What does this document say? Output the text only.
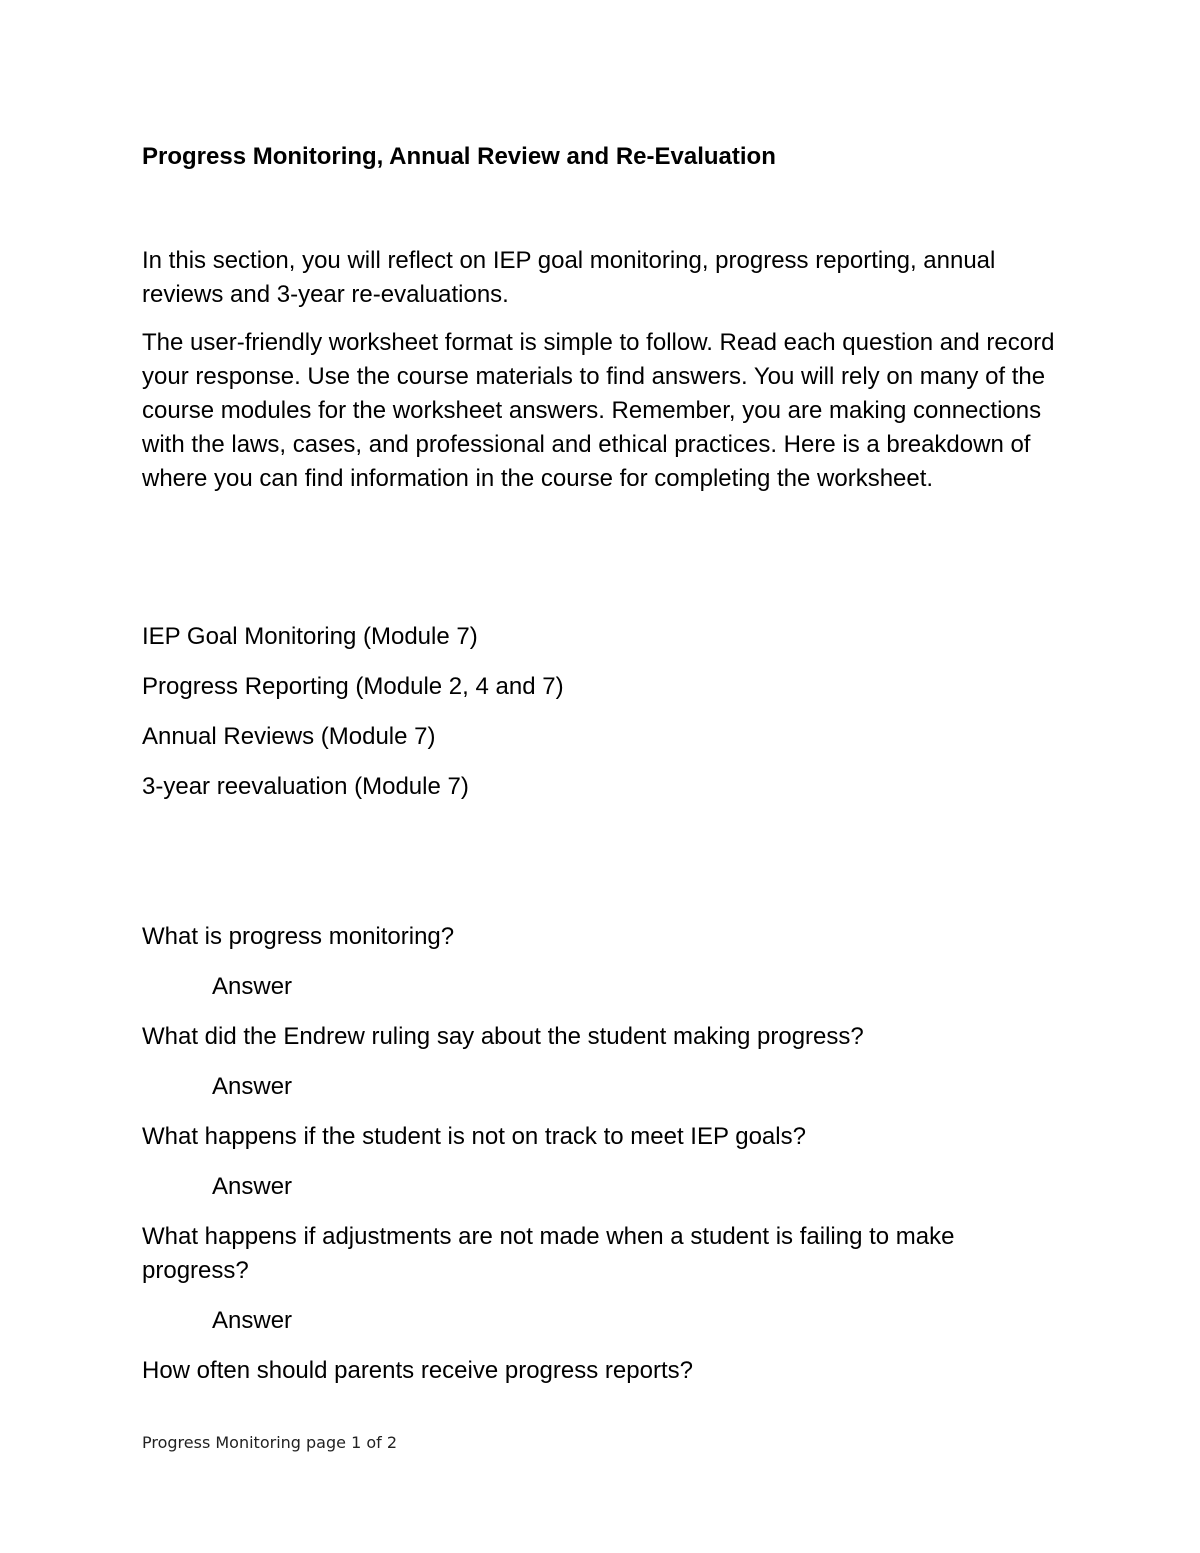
Progress Monitoring, Annual Review and Re-Evaluation

In this section, you will reflect on IEP goal monitoring, progress reporting, annual reviews and 3-year re-evaluations.

The user-friendly worksheet format is simple to follow. Read each question and record your response. Use the course materials to find answers. You will rely on many of the course modules for the worksheet answers. Remember, you are making connections with the laws, cases, and professional and ethical practices. Here is a breakdown of where you can find information in the course for completing the worksheet.

IEP Goal Monitoring (Module 7)
Progress Reporting (Module 2, 4 and 7)
Annual Reviews (Module 7)
3-year reevaluation (Module 7)

What is progress monitoring?

Answer

What did the Endrew ruling say about the student making progress?

Answer

What happens if the student is not on track to meet IEP goals?

Answer

What happens if adjustments are not made when a student is failing to make progress?

Answer

How often should parents receive progress reports?

Progress Monitoring page 1 of 2
